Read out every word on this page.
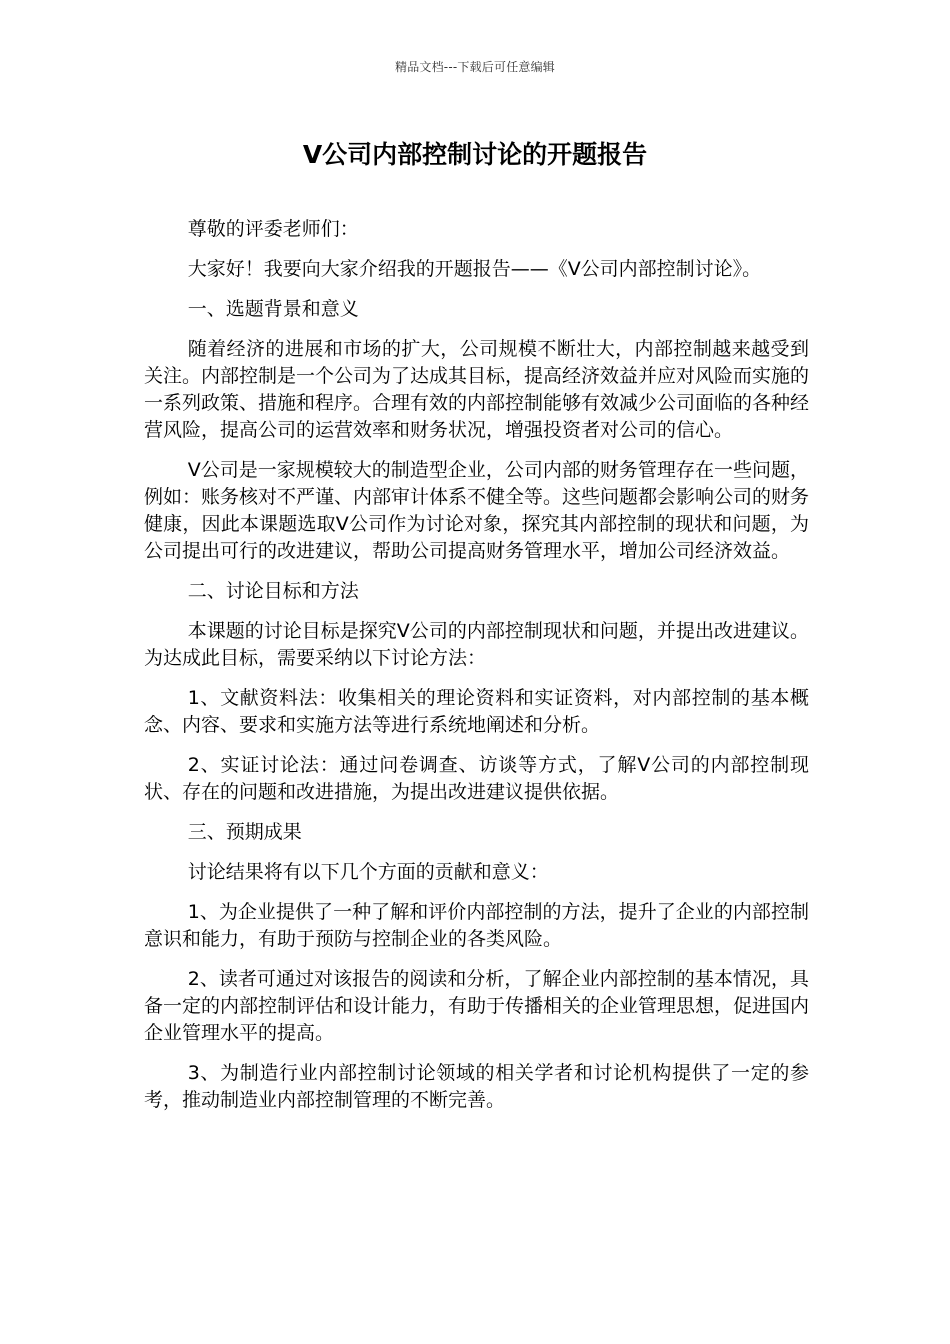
精品文档---下载后可任意编辑
V公司内部控制讨论的开题报告

尊敬的评委老师们：

大家好！我要向大家介绍我的开题报告——《V公司内部控制讨论》。

一、选题背景和意义

随着经济的进展和市场的扩大，公司规模不断壮大，内部控制越来越受到关注。内部控制是一个公司为了达成其目标，提高经济效益并应对风险而实施的一系列政策、措施和程序。合理有效的内部控制能够有效减少公司面临的各种经营风险，提高公司的运营效率和财务状况，增强投资者对公司的信心。

V公司是一家规模较大的制造型企业，公司内部的财务管理存在一些问题，例如：账务核对不严谨、内部审计体系不健全等。这些问题都会影响公司的财务健康，因此本课题选取V公司作为讨论对象，探究其内部控制的现状和问题，为公司提出可行的改进建议，帮助公司提高财务管理水平，增加公司经济效益。

二、讨论目标和方法

本课题的讨论目标是探究V公司的内部控制现状和问题，并提出改进建议。为达成此目标，需要采纳以下讨论方法：

1、文献资料法：收集相关的理论资料和实证资料，对内部控制的基本概念、内容、要求和实施方法等进行系统地阐述和分析。

2、实证讨论法：通过问卷调查、访谈等方式，了解V公司的内部控制现状、存在的问题和改进措施，为提出改进建议提供依据。

三、预期成果

讨论结果将有以下几个方面的贡献和意义：

1、为企业提供了一种了解和评价内部控制的方法，提升了企业的内部控制意识和能力，有助于预防与控制企业的各类风险。

2、读者可通过对该报告的阅读和分析，了解企业内部控制的基本情况，具备一定的内部控制评估和设计能力，有助于传播相关的企业管理思想，促进国内企业管理水平的提高。

3、为制造行业内部控制讨论领域的相关学者和讨论机构提供了一定的参考，推动制造业内部控制管理的不断完善。
